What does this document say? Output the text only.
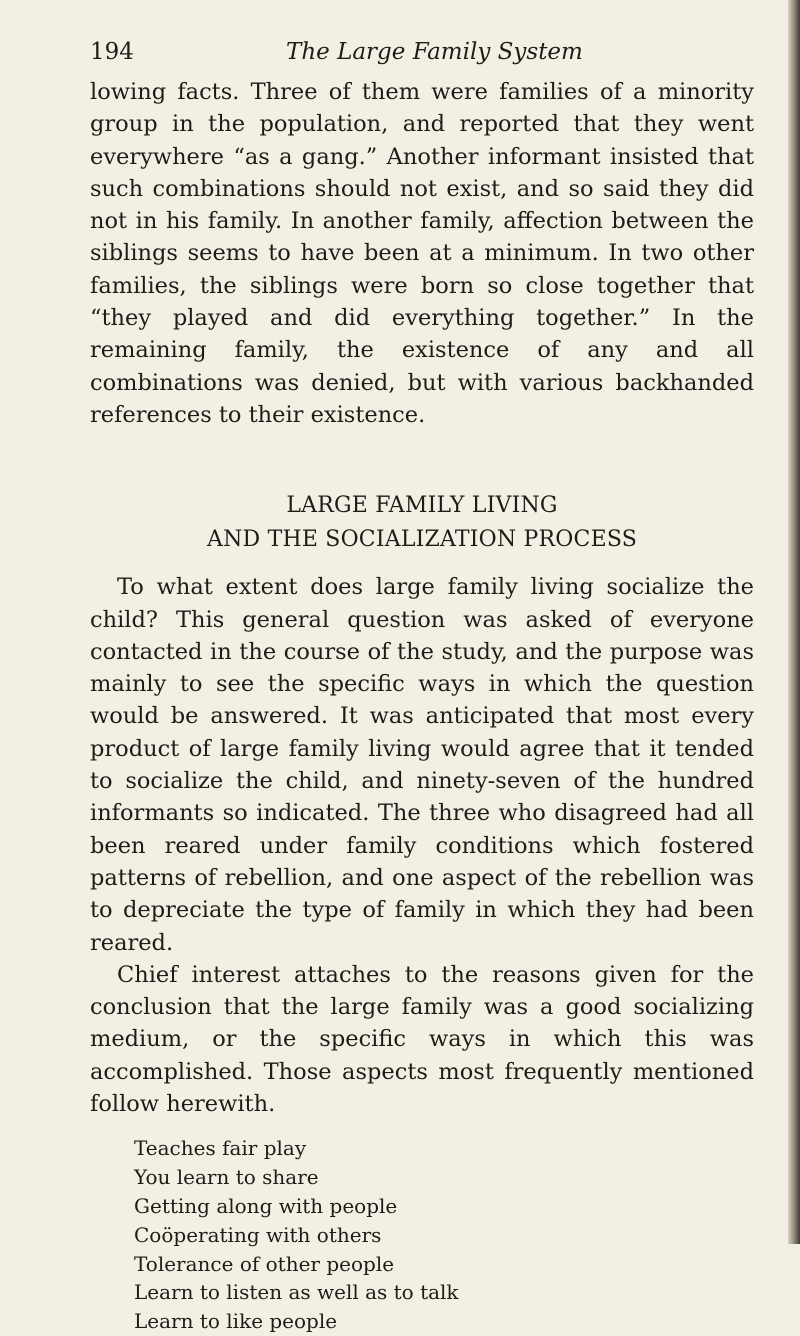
194	The Large Family System

lowing facts. Three of them were families of a minority group in the population, and reported that they went everywhere “as a gang.” Another informant insisted that such combinations should not exist, and so said they did not in his family. In another family, affection between the siblings seems to have been at a minimum. In two other families, the siblings were born so close together that “they played and did everything together.” In the remaining family, the existence of any and all combinations was denied, but with various backhanded references to their existence.

LARGE FAMILY LIVING
AND THE SOCIALIZATION PROCESS

To what extent does large family living socialize the child? This general question was asked of everyone contacted in the course of the study, and the purpose was mainly to see the specific ways in which the question would be answered. It was anticipated that most every product of large family living would agree that it tended to socialize the child, and ninety-seven of the hundred informants so indicated. The three who disagreed had all been reared under family conditions which fostered patterns of rebellion, and one aspect of the rebellion was to depreciate the type of family in which they had been reared.

Chief interest attaches to the reasons given for the conclusion that the large family was a good socializing medium, or the specific ways in which this was accomplished. Those aspects most frequently mentioned follow herewith.

Teaches fair play
You learn to share
Getting along with people
Coöperating with others
Tolerance of other people
Learn to listen as well as to talk
Learn to like people
